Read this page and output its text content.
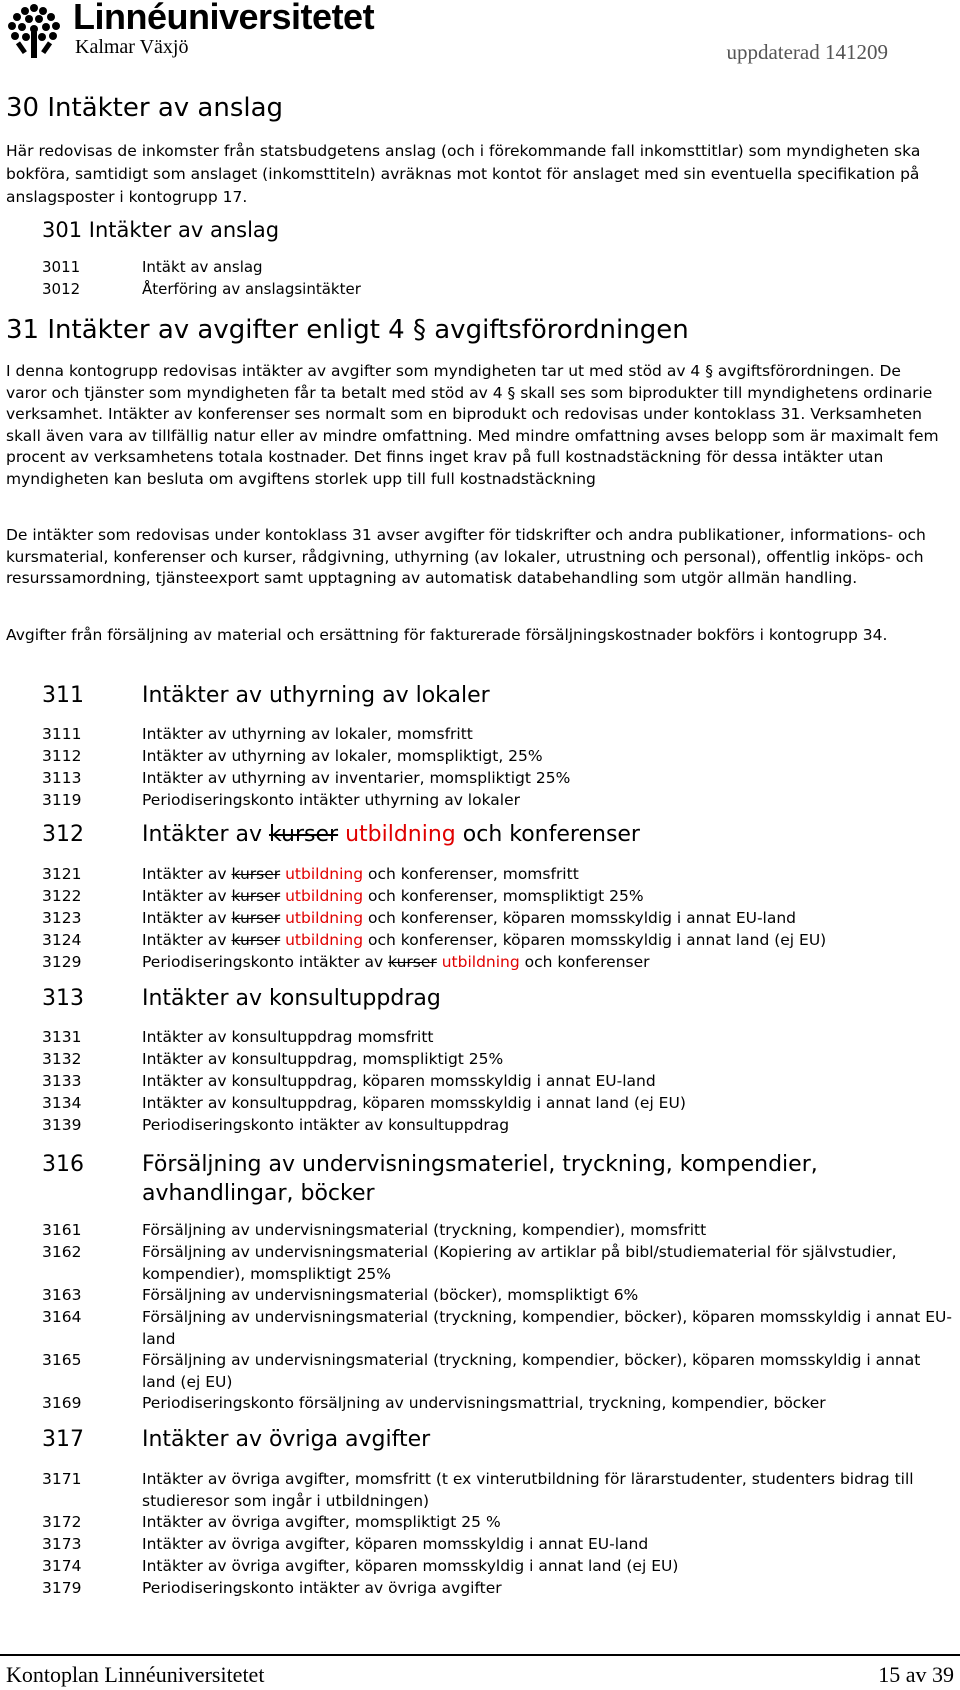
Linnéuniversitetet
Kalmar Växjö	uppdaterad 141209
30 Intäkter av anslag

Här redovisas de inkomster från statsbudgetens anslag (och i förekommande fall inkomsttitlar) som myndigheten ska bokföra, samtidigt som anslaget (inkomsttiteln) avräknas mot kontot för anslaget med sin eventuella specifikation på anslagsposter i kontogrupp 17.

301 Intäkter av anslag
3011	Intäkt av anslag
3012	Återföring av anslagsintäkter
31 Intäkter av avgifter enligt 4 § avgiftsförordningen

I denna kontogrupp redovisas intäkter av avgifter som myndigheten tar ut med stöd av 4 § avgiftsförordningen. De varor och tjänster som myndigheten får ta betalt med stöd av 4 § skall ses som biprodukter till myndighetens ordinarie verksamhet. Intäkter av konferenser ses normalt som en biprodukt och redovisas under kontoklass 31. Verksamheten skall även vara av tillfällig natur eller av mindre omfattning. Med mindre omfattning avses belopp som är maximalt fem procent av verksamhetens totala kostnader. Det finns inget krav på full kostnadstäckning för dessa intäkter utan myndigheten kan besluta om avgiftens storlek upp till full kostnadstäckning

De intäkter som redovisas under kontoklass 31 avser avgifter för tidskrifter och andra publikationer, informations- och kursmaterial, konferenser och kurser, rådgivning, uthyrning (av lokaler, utrustning och personal), offentlig inköps- och resurssamordning, tjänsteexport samt upptagning av automatisk databehandling som utgör allmän handling.

Avgifter från försäljning av material och ersättning för fakturerade försäljningskostnader bokförs i kontogrupp 34.

311	Intäkter av uthyrning av lokaler
3111	Intäkter av uthyrning av lokaler, momsfritt
3112	Intäkter av uthyrning av lokaler, momspliktigt, 25%
3113	Intäkter av uthyrning av inventarier, momspliktigt 25%
3119	Periodiseringskonto intäkter uthyrning av lokaler
312	Intäkter av kurser utbildning och konferenser
3121	Intäkter av kurser utbildning och konferenser, momsfritt
3122	Intäkter av kurser utbildning och konferenser, momspliktigt 25%
3123	Intäkter av kurser utbildning och konferenser, köparen momsskyldig i annat EU-land
3124	Intäkter av kurser utbildning och konferenser, köparen momsskyldig i annat land (ej EU)
3129	Periodiseringskonto intäkter av kurser utbildning och konferenser
313	Intäkter av konsultuppdrag
3131	Intäkter av konsultuppdrag momsfritt
3132	Intäkter av konsultuppdrag, momspliktigt 25%
3133	Intäkter av konsultuppdrag, köparen momsskyldig i annat EU-land
3134	Intäkter av konsultuppdrag, köparen momsskyldig i annat land (ej EU)
3139	Periodiseringskonto intäkter av konsultuppdrag
316	Försäljning av undervisningsmateriel, tryckning, kompendier, avhandlingar, böcker
3161	Försäljning av undervisningsmaterial (tryckning, kompendier), momsfritt
3162	Försäljning av undervisningsmaterial (Kopiering av artiklar på bibl/studiematerial för självstudier, kompendier), momspliktigt 25%
3163	Försäljning av undervisningsmaterial (böcker), momspliktigt 6%
3164	Försäljning av undervisningsmaterial (tryckning, kompendier, böcker), köparen momsskyldig i annat EU-land
3165	Försäljning av undervisningsmaterial (tryckning, kompendier, böcker), köparen momsskyldig i annat land (ej EU)
3169	Periodiseringskonto försäljning av undervisningsmattrial, tryckning, kompendier, böcker
317	Intäkter av övriga avgifter
3171	Intäkter av övriga avgifter, momsfritt (t ex vinterutbildning för lärarstudenter, studenters bidrag till studieresor som ingår i utbildningen)
3172	Intäkter av övriga avgifter, momspliktigt 25 %
3173	Intäkter av övriga avgifter, köparen momsskyldig i annat EU-land
3174	Intäkter av övriga avgifter, köparen momsskyldig i annat land (ej EU)
3179	Periodiseringskonto intäkter av övriga avgifter
Kontoplan Linnéuniversitetet	15 av 39
